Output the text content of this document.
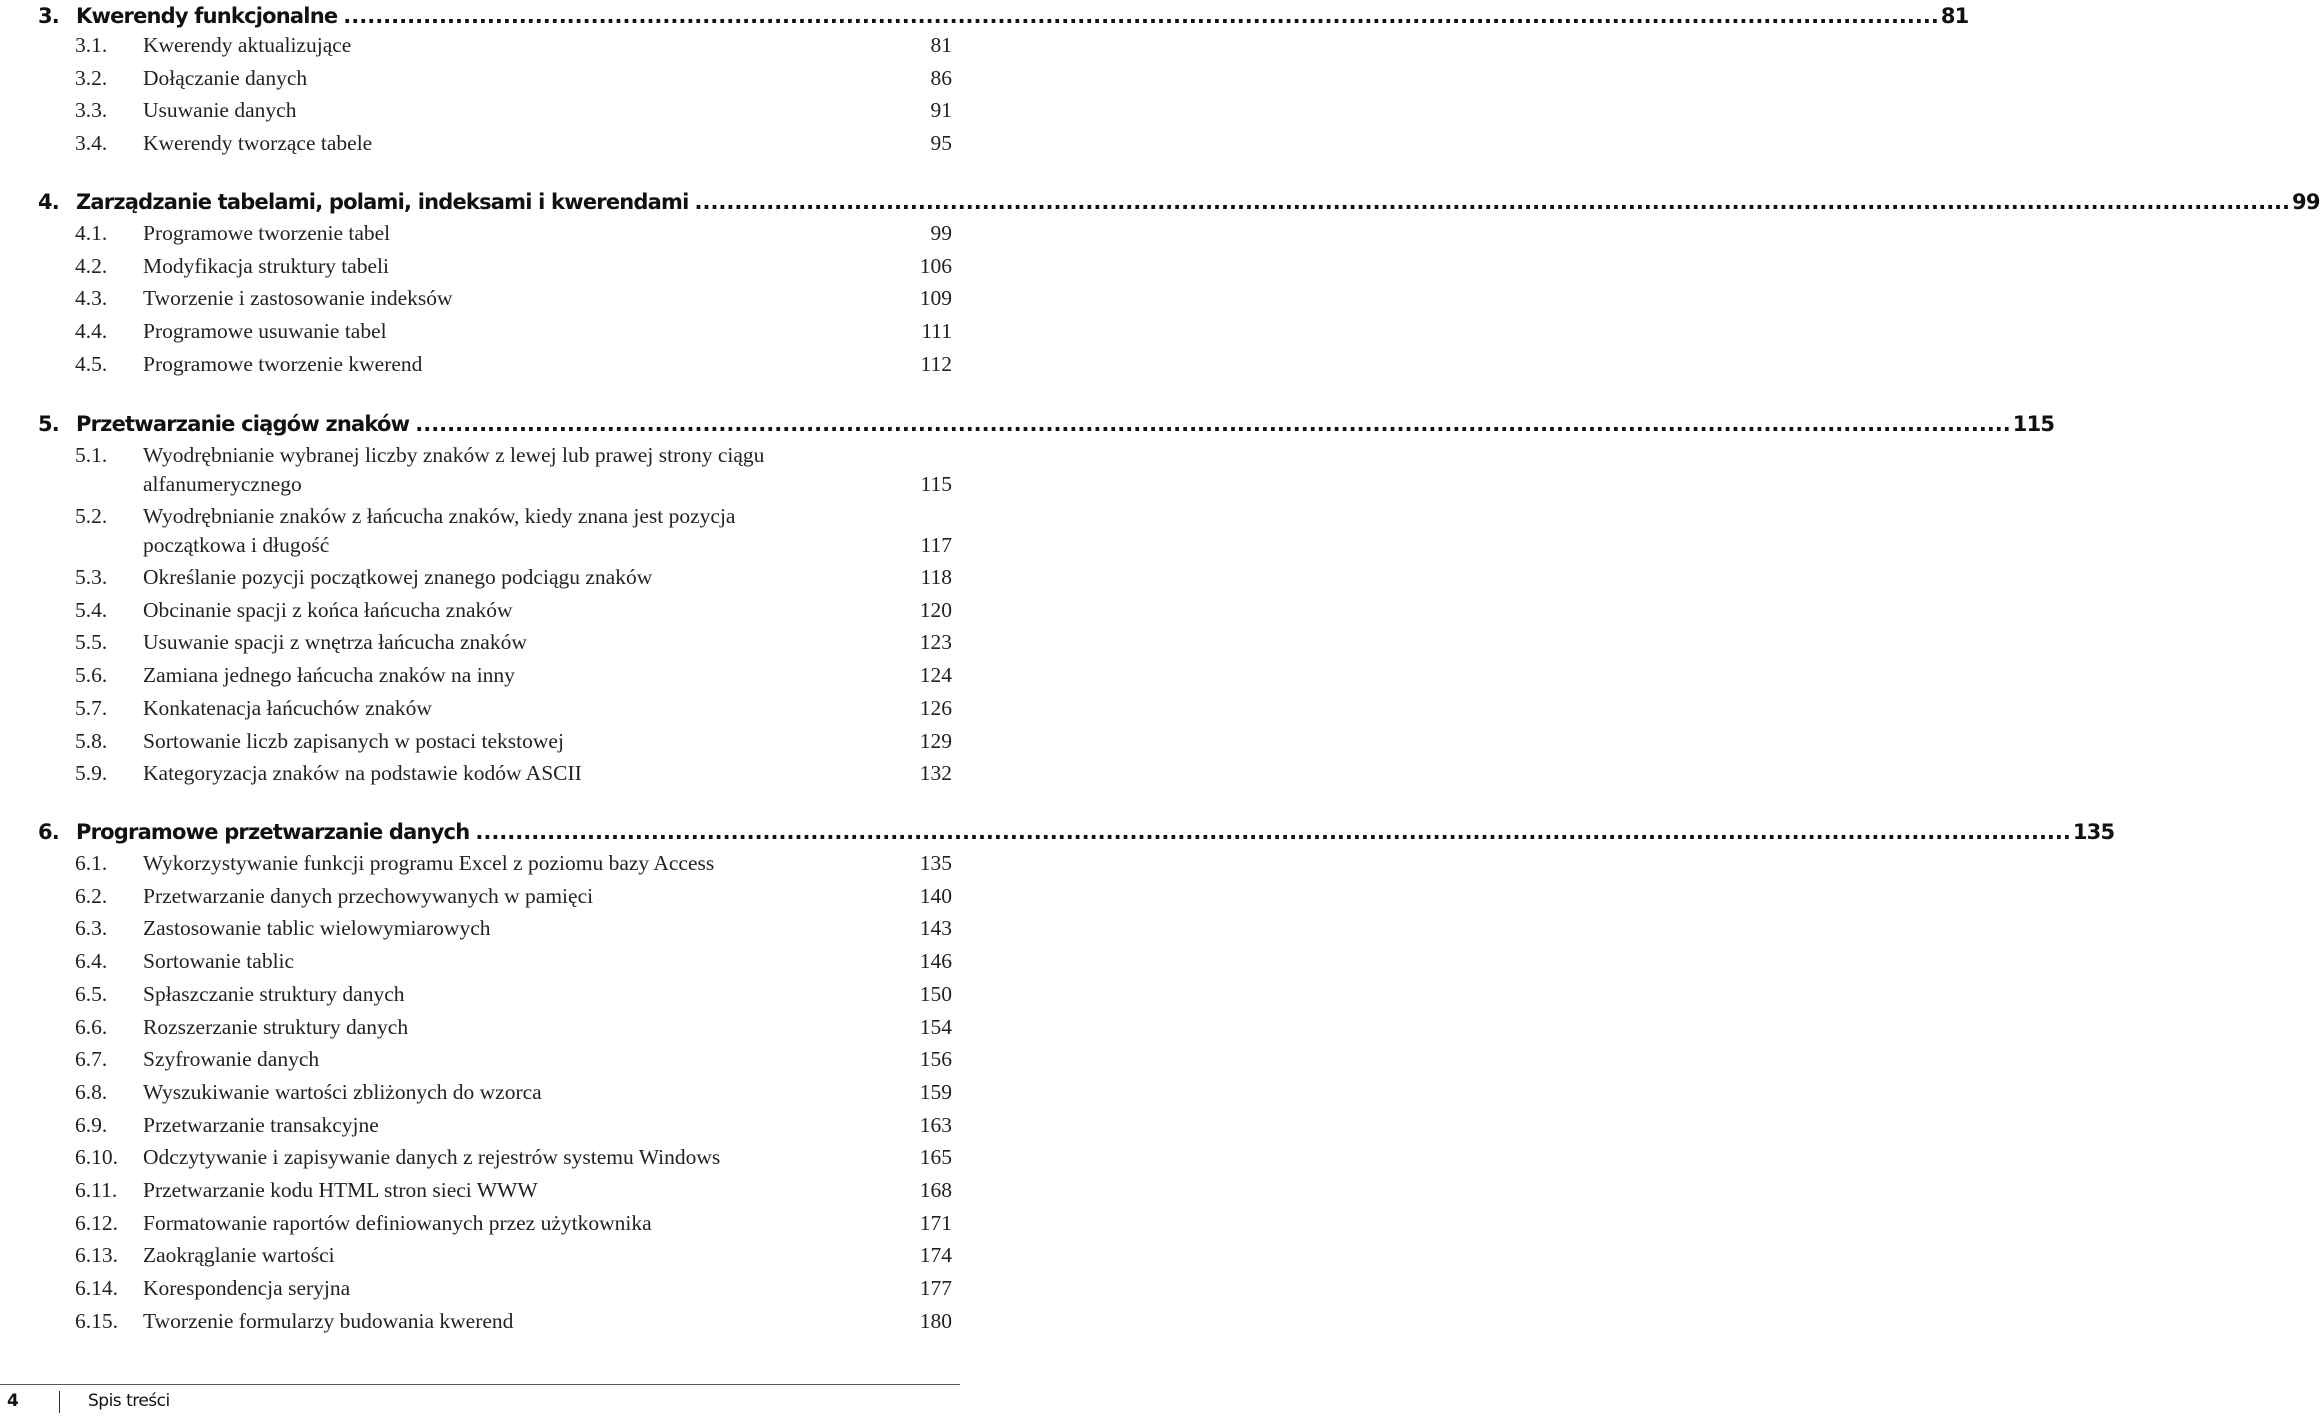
3. Kwerendy funkcjonalne ........................................................................................................................................................................................................ 81
3.1. Kwerendy aktualizujące	81
3.2. Dołączanie danych	86
3.3. Usuwanie danych	91
3.4. Kwerendy tworzące tabele	95
4. Zarządzanie tabelami, polami, indeksami i kwerendami ........................................................................................................................................................................................................ 99
4.1. Programowe tworzenie tabel	99
4.2. Modyfikacja struktury tabeli	106
4.3. Tworzenie i zastosowanie indeksów	109
4.4. Programowe usuwanie tabel	111
4.5. Programowe tworzenie kwerend	112
5. Przetwarzanie ciągów znaków ........................................................................................................................................................................................................ 115
5.1. Wyodrębnianie wybranej liczby znaków z lewej lub prawej strony ciągu
alfanumerycznego	115
5.2. Wyodrębnianie znaków z łańcucha znaków, kiedy znana jest pozycja
początkowa i długość	117
5.3. Określanie pozycji początkowej znanego podciągu znaków	118
5.4. Obcinanie spacji z końca łańcucha znaków	120
5.5. Usuwanie spacji z wnętrza łańcucha znaków	123
5.6. Zamiana jednego łańcucha znaków na inny	124
5.7. Konkatenacja łańcuchów znaków	126
5.8. Sortowanie liczb zapisanych w postaci tekstowej	129
5.9. Kategoryzacja znaków na podstawie kodów ASCII	132
6. Programowe przetwarzanie danych ........................................................................................................................................................................................................ 135
6.1. Wykorzystywanie funkcji programu Excel z poziomu bazy Access	135
6.2. Przetwarzanie danych przechowywanych w pamięci	140
6.3. Zastosowanie tablic wielowymiarowych	143
6.4. Sortowanie tablic	146
6.5. Spłaszczanie struktury danych	150
6.6. Rozszerzanie struktury danych	154
6.7. Szyfrowanie danych	156
6.8. Wyszukiwanie wartości zbliżonych do wzorca	159
6.9. Przetwarzanie transakcyjne	163
6.10. Odczytywanie i zapisywanie danych z rejestrów systemu Windows	165
6.11. Przetwarzanie kodu HTML stron sieci WWW	168
6.12. Formatowanie raportów definiowanych przez użytkownika	171
6.13. Zaokrąglanie wartości	174
6.14. Korespondencja seryjna	177
6.15. Tworzenie formularzy budowania kwerend	180
4	Spis treści
